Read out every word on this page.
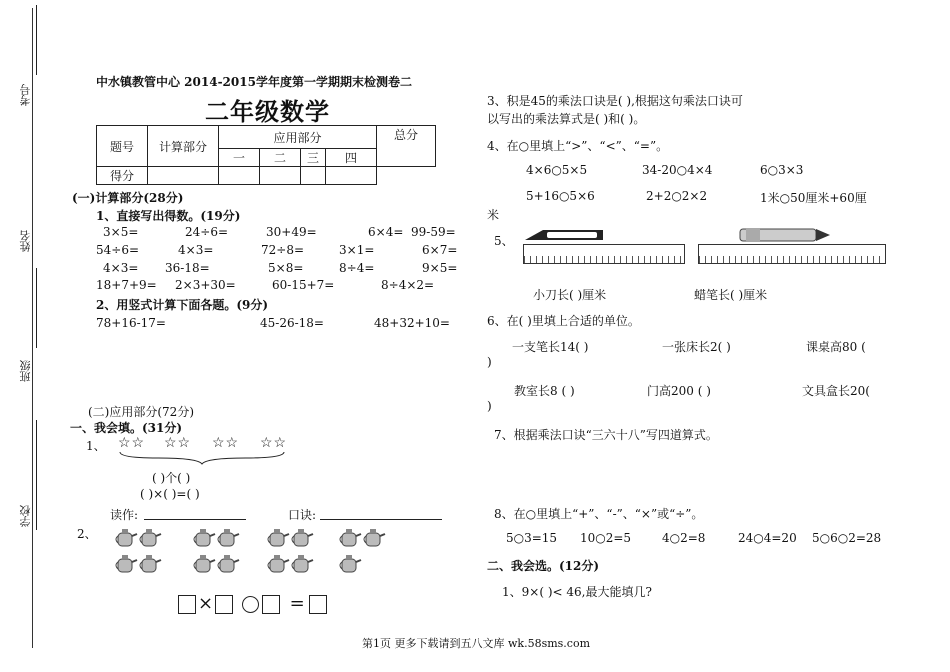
考号
姓名
班级
学校
中水镇教管中心 2014-2015学年度第一学期期末检测卷二
二年级数学
题号	计算部分	应用部分				总分
		一	二	三	四	
得分						
(一)计算部分(28分)
1、直接写出得数。(19分)
3×5=	24÷6=	30+49=	6×4= 99-59=
54÷6=	4×3=	72÷8=	3×1=	6×7=
4×3= 36-18=	5×8=	8÷4=	9×5=
18+7+9= 2×3+30=	60-15+7=	8÷4×2=
2、用竖式计算下面各题。(9分)
78+16-17=	45-26-18=	48+32+10=
(二)应用部分(72分)
一、我会填。(31分)
1、 ☆☆ ☆☆ ☆☆ ☆☆
( )个( )
( )×( )=( )
读作:	口诀:
2、
×	=
3、积是45的乘法口诀是( ),根据这句乘法口诀可
以写出的乘法算式是( )和( )。
4、在○里填上“>”、“<”、“=”。
4×6○5×5	34-20○4×4	6○3×3
5+16○5×6	2+2○2×2	1米○50厘米+60厘
米
5、
小刀长( )厘米	蜡笔长( )厘米
6、在( )里填上合适的单位。
一支笔长14( )	一张床长2( )	课桌高80 (
)
教室长8 ( )	门高200 ( )	文具盒长20(
)
7、根据乘法口诀“三六十八”写四道算式。
8、在○里填上“+”、“-”、“×”或“÷”。
5○3=15 10○2=5	4○2=8	24○4=20 5○6○2=28
二、我会选。(12分)
1、9×( )< 46,最大能填几?
第1页 更多下载请到五八文库 wk.58sms.com
